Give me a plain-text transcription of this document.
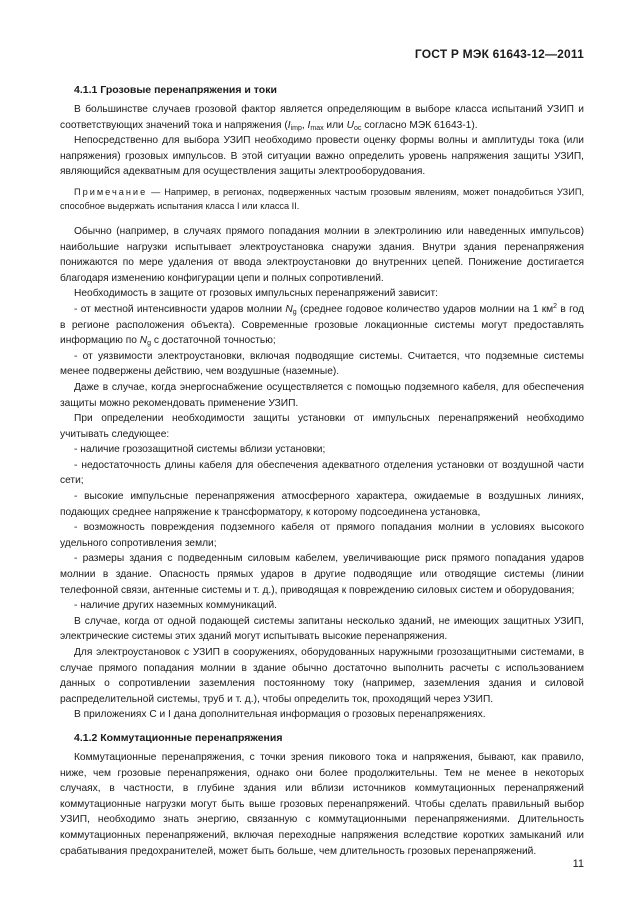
ГОСТ Р МЭК 61643-12—2011
4.1.1 Грозовые перенапряжения и токи

В большинстве случаев грозовой фактор является определяющим в выборе класса испытаний УЗИП и соответствующих значений тока и напряжения ($I_{imp}$, $I_{max}$ или $U_{oc}$ согласно МЭК 61643-1).

Непосредственно для выбора УЗИП необходимо провести оценку формы волны и амплитуды тока (или напряжения) грозовых импульсов. В этой ситуации важно определить уровень напряжения защиты УЗИП, являющийся адекватным для осуществления защиты электрооборудования.

Примечание — Например, в регионах, подверженных частым грозовым явлениям, может понадобиться УЗИП, способное выдержать испытания класса I или класса II.

Обычно (например, в случаях прямого попадания молнии в электролинию или наведенных импульсов) наибольшие нагрузки испытывает электроустановка снаружи здания. Внутри здания перенапряжения понижаются по мере удаления от ввода электроустановки до внутренних цепей. Понижение достигается благодаря изменению конфигурации цепи и полных сопротивлений.

Необходимость в защите от грозовых импульсных перенапряжений зависит:

- от местной интенсивности ударов молнии $N_g$ (среднее годовое количество ударов молнии на 1 $км^2$ в год в регионе расположения объекта). Современные грозовые локационные системы могут предоставлять информацию по $N_g$ с достаточной точностью;

- от уязвимости электроустановки, включая подводящие системы. Считается, что подземные системы менее подвержены действию, чем воздушные (наземные).

Даже в случае, когда энергоснабжение осуществляется с помощью подземного кабеля, для обеспечения защиты можно рекомендовать применение УЗИП.

При определении необходимости защиты установки от импульсных перенапряжений необходимо учитывать следующее:

- наличие грозозащитной системы вблизи установки;

- недостаточность длины кабеля для обеспечения адекватного отделения установки от воздушной части сети;

- высокие импульсные перенапряжения атмосферного характера, ожидаемые в воздушных линиях, подающих среднее напряжение к трансформатору, к которому подсоединена установка,

- возможность повреждения подземного кабеля от прямого попадания молнии в условиях высокого удельного сопротивления земли;

- размеры здания с подведенным силовым кабелем, увеличивающие риск прямого попадания ударов молнии в здание. Опасность прямых ударов в другие подводящие или отводящие системы (линии телефонной связи, антенные системы и т. д.), приводящая к повреждению силовых систем и оборудования;

- наличие других наземных коммуникаций.

В случае, когда от одной подающей системы запитаны несколько зданий, не имеющих защитных УЗИП, электрические системы этих зданий могут испытывать высокие перенапряжения.

Для электроустановок с УЗИП в сооружениях, оборудованных наружными грозозащитными системами, в случае прямого попадания молнии в здание обычно достаточно выполнить расчеты с использованием данных о сопротивлении заземления постоянному току (например, заземления здания и силовой распределительной системы, труб и т. д.), чтобы определить ток, проходящий через УЗИП.

В приложениях С и I дана дополнительная информация о грозовых перенапряжениях.

4.1.2 Коммутационные перенапряжения

Коммутационные перенапряжения, с точки зрения пикового тока и напряжения, бывают, как правило, ниже, чем грозовые перенапряжения, однако они более продолжительны. Тем не менее в некоторых случаях, в частности, в глубине здания или вблизи источников коммутационных перенапряжений коммутационные нагрузки могут быть выше грозовых перенапряжений. Чтобы сделать правильный выбор УЗИП, необходимо знать энергию, связанную с коммутационными перенапряжениями. Длительность коммутационных перенапряжений, включая переходные напряжения вследствие коротких замыканий или срабатывания предохранителей, может быть больше, чем длительность грозовых перенапряжений.

11
